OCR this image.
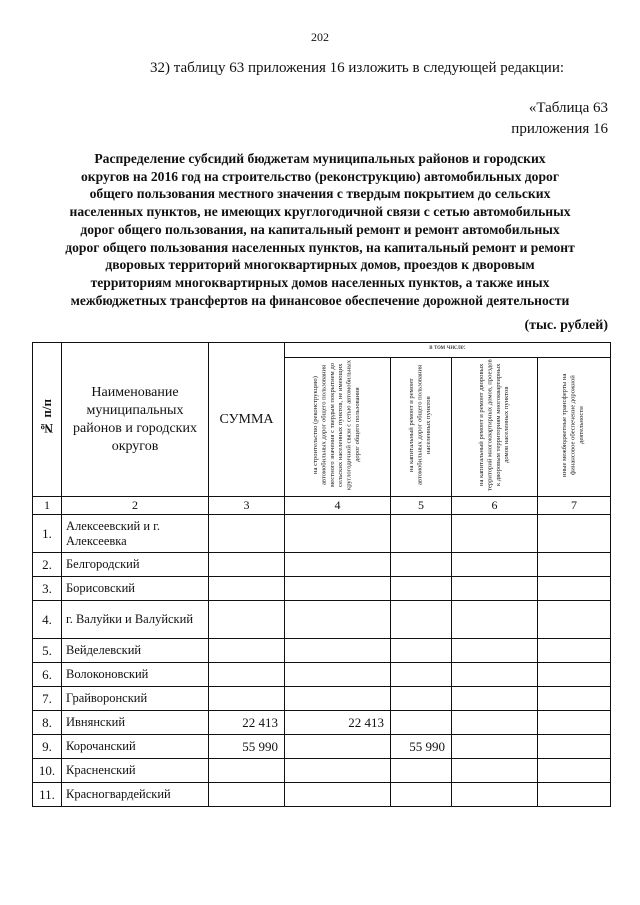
202
32) таблицу 63 приложения 16 изложить в следующей редакции:
«Таблица 63
приложения 16
Распределение субсидий бюджетам муниципальных районов и городских
округов на 2016 год на строительство (реконструкцию) автомобильных дорог
общего пользования местного значения с твердым покрытием до сельских
населенных пунктов, не имеющих круглогодичной связи с сетью автомобильных
дорог общего пользования, на капитальный ремонт и ремонт автомобильных
дорог общего пользования населенных пунктов, на капитальный ремонт и ремонт
дворовых территорий многоквартирных домов, проездов к дворовым
территориям многоквартирных домов населенных пунктов, а также иных
межбюджетных трансфертов на финансовое обеспечение дорожной деятельности
(тыс. рублей)
№ п/п	Наименование муниципальных районов и городских округов	СУММА	в том числе:			
			на строительство (реконструкцию) автомобильных дорог общего пользования местного значения с твердым покрытием до сельских населенных пунктов, не имеющих круглогодичной связи с сетью автомобильных дорог общего пользования	на капитальный ремонт и ремонт автомобильных дорог общего пользования населенных пунктов	на капитальный ремонт и ремонт дворовых территорий многоквартирных домов, проездов к дворовым территориям многоквартирных домов населенных пунктов	иные межбюджетные трансферты на финансовое обеспечение дорожной деятельности
1	2	3	4	5	6	7
1.	Алексеевский и г. Алексеевка					
2.	Белгородский					
3.	Борисовский					
4.	г. Валуйки и Валуйский					
5.	Вейделевский					
6.	Волоконовский					
7.	Грайворонский					
8.	Ивнянский	22 413	22 413			
9.	Корочанский	55 990		55 990		
10.	Красненский					
11.	Красногвардейский					
